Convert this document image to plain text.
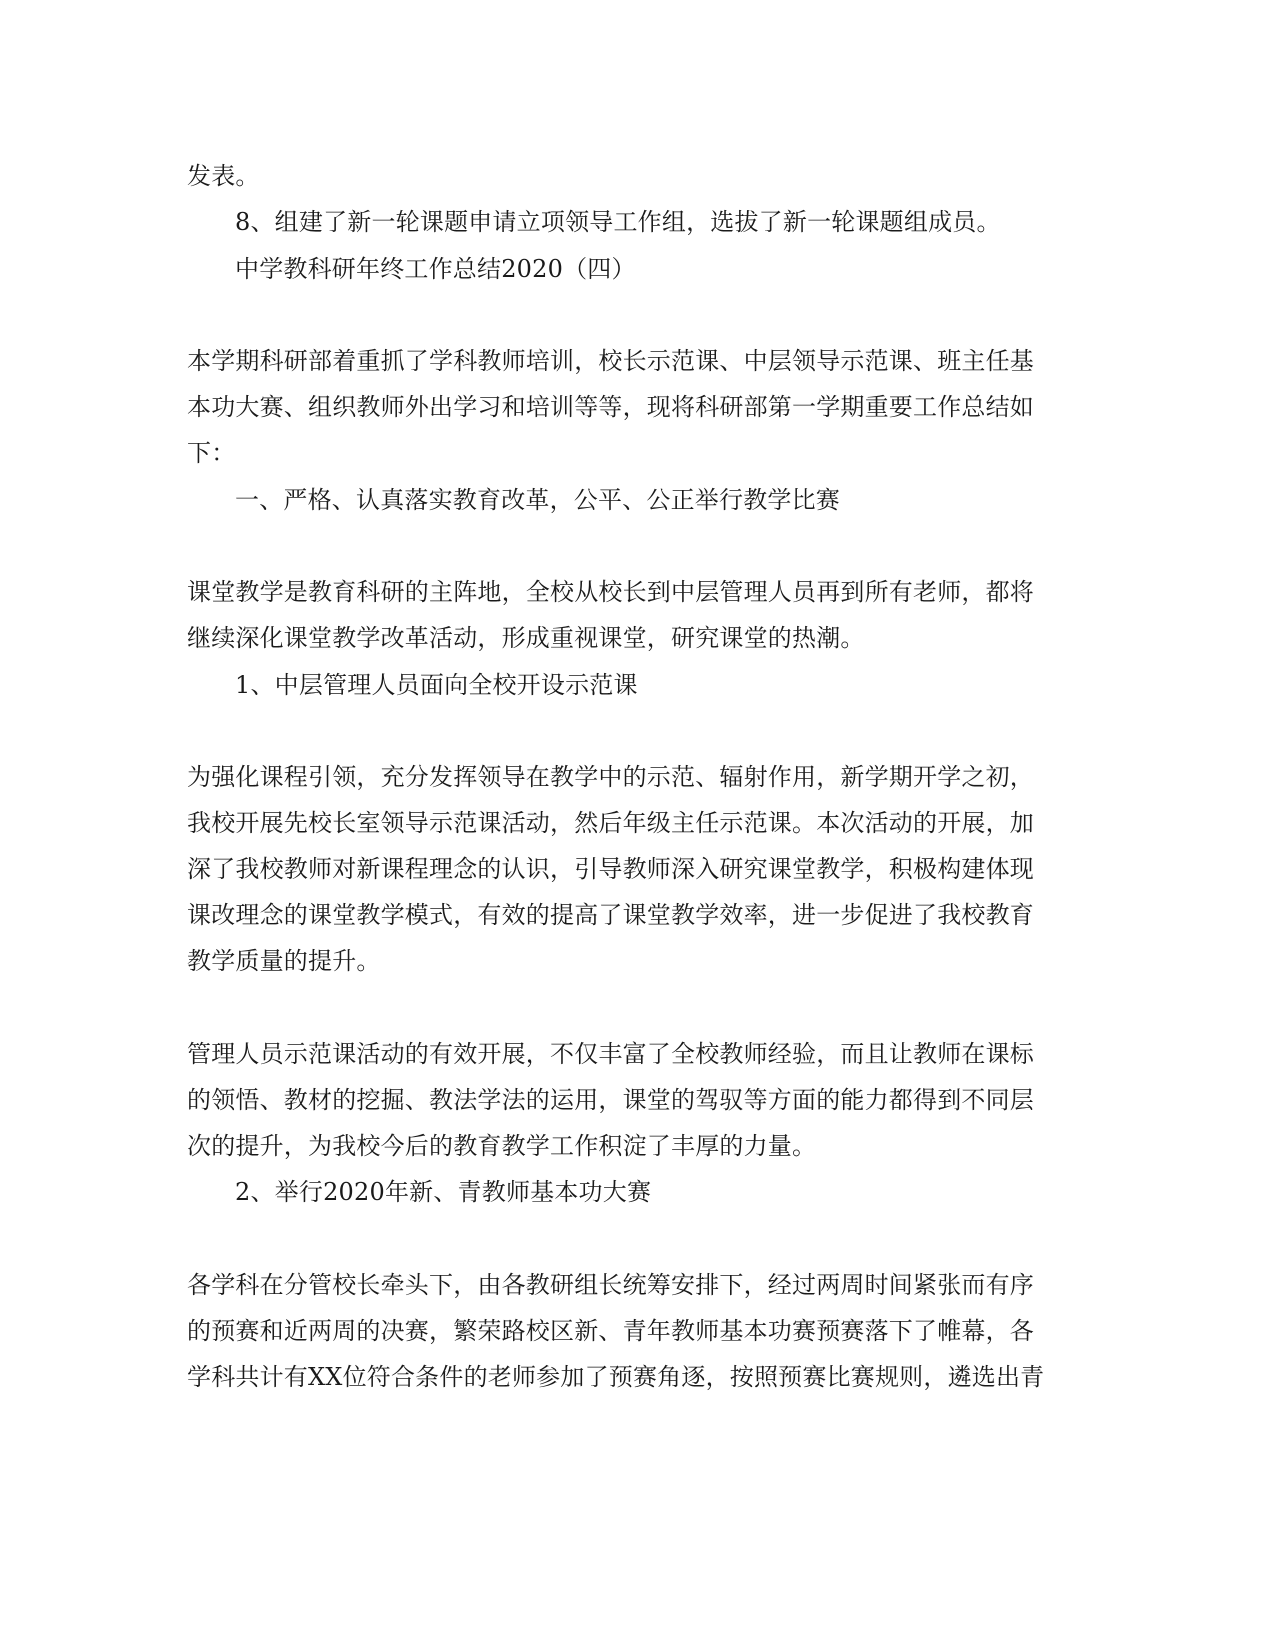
发表。
8、组建了新一轮课题申请立项领导工作组，选拔了新一轮课题组成员。
中学教科研年终工作总结2020（四）
本学期科研部着重抓了学科教师培训，校长示范课、中层领导示范课、班主任基
本功大赛、组织教师外出学习和培训等等，现将科研部第一学期重要工作总结如
下：
一、严格、认真落实教育改革，公平、公正举行教学比赛
课堂教学是教育科研的主阵地，全校从校长到中层管理人员再到所有老师，都将
继续深化课堂教学改革活动，形成重视课堂，研究课堂的热潮。
1、中层管理人员面向全校开设示范课
为强化课程引领，充分发挥领导在教学中的示范、辐射作用，新学期开学之初，
我校开展先校长室领导示范课活动，然后年级主任示范课。本次活动的开展，加
深了我校教师对新课程理念的认识，引导教师深入研究课堂教学，积极构建体现
课改理念的课堂教学模式，有效的提高了课堂教学效率，进一步促进了我校教育
教学质量的提升。
管理人员示范课活动的有效开展，不仅丰富了全校教师经验，而且让教师在课标
的领悟、教材的挖掘、教法学法的运用，课堂的驾驭等方面的能力都得到不同层
次的提升，为我校今后的教育教学工作积淀了丰厚的力量。
2、举行2020年新、青教师基本功大赛
各学科在分管校长牵头下，由各教研组长统筹安排下，经过两周时间紧张而有序
的预赛和近两周的决赛，繁荣路校区新、青年教师基本功赛预赛落下了帷幕，各
学科共计有XX位符合条件的老师参加了预赛角逐，按照预赛比赛规则，遴选出青
